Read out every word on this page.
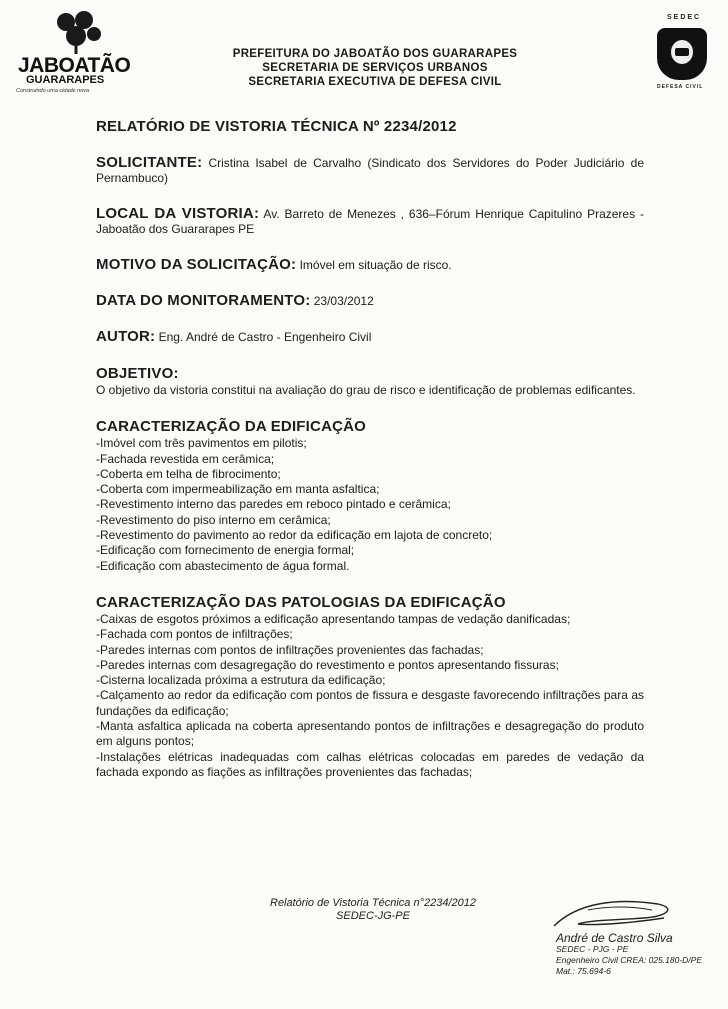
JABOATÃO
GUARARAPES
Construindo uma cidade nova
PREFEITURA DO JABOATÃO DOS GUARARAPES
SECRETARIA DE SERVIÇOS URBANOS
SECRETARIA EXECUTIVA DE DEFESA CIVIL
SEDEC
DEFESA CIVIL
RELATÓRIO DE VISTORIA TÉCNICA Nº 2234/2012
SOLICITANTE: Cristina Isabel de Carvalho (Sindicato dos Servidores do Poder Judiciário de Pernambuco)
LOCAL DA VISTORIA: Av. Barreto de Menezes , 636–Fórum Henrique Capitulino Prazeres - Jaboatão dos Guararapes PE
MOTIVO DA SOLICITAÇÃO: Imóvel em situação de risco.
DATA DO MONITORAMENTO: 23/03/2012
AUTOR: Eng. André de Castro - Engenheiro Civil
OBJETIVO:

O objetivo da vistoria constitui na avaliação do grau de risco e identificação de problemas edificantes.

CARACTERIZAÇÃO DA EDIFICAÇÃO
-Imóvel com três pavimentos em pilotis;
-Fachada revestida em cerâmica;
-Coberta em telha de fibrocimento;
-Coberta com impermeabilização em manta asfaltica;
-Revestimento interno das paredes em reboco pintado e cerâmica;
-Revestimento do piso interno em cerâmica;
-Revestimento do pavimento ao redor da edificação em lajota de concreto;
-Edificação com fornecimento de energia formal;
-Edificação com abastecimento de água formal.
CARACTERIZAÇÃO DAS PATOLOGIAS DA EDIFICAÇÃO
-Caixas de esgotos próximos a edificação apresentando tampas de vedação danificadas;
-Fachada com pontos de infiltrações;
-Paredes internas com pontos de infiltrações provenientes das fachadas;
-Paredes internas com desagregação do revestimento e pontos apresentando fissuras;
-Cisterna localizada próxima a estrutura da edificação;
-Calçamento ao redor da edificação com pontos de fissura e desgaste favorecendo infiltrações para as fundações da edificação;
-Manta asfaltica aplicada na coberta apresentando pontos de infiltrações e desagregação do produto em alguns pontos;
-Instalações elétricas inadequadas com calhas elétricas colocadas em paredes de vedação da fachada expondo as fiações as infiltrações provenientes das fachadas;
Relatório de Vistoria Técnica n°2234/2012
SEDEC-JG-PE
André de Castro Silva
SEDEC - PJG - PE
Engenheiro Civil CREA: 025.180-D/PE
Mat.: 75.694-6
